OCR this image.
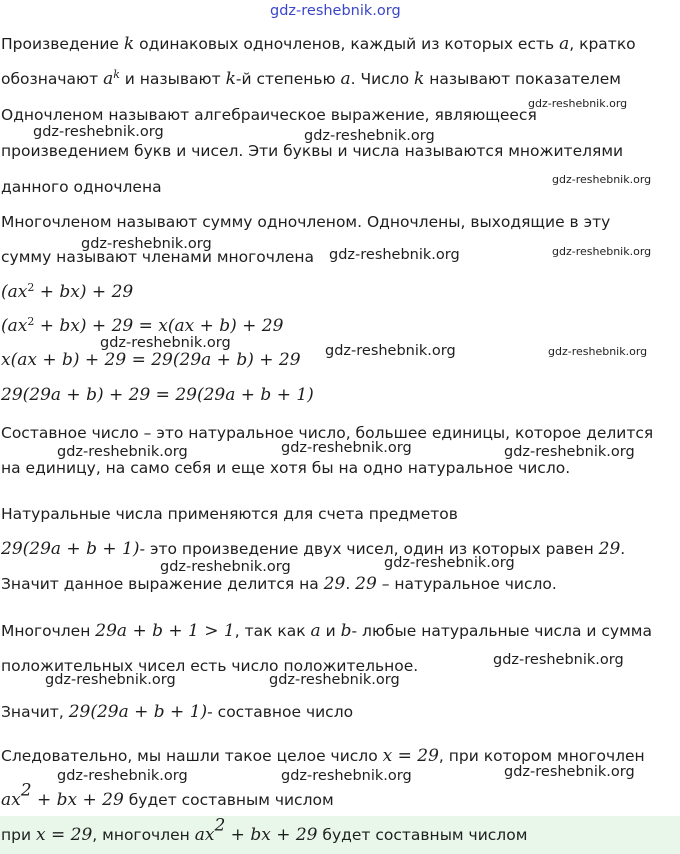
gdz-reshebnik.org
Произведение k одинаковых одночленов, каждый из которых есть a, кратко
обозначают $a^k$ и называют k-й степенью a. Число k называют показателем
Одночленом называют алгебраическое выражение, являющееся
произведением букв и чисел. Эти буквы и числа называются множителями
данного одночлена
Многочленом называют сумму одночленом. Одночлены, выходящие в эту
сумму называют членами многочлена
$(ax^2 + bx) + 29$
$(ax^2 + bx) + 29 = x(ax + b) + 29$
x(ax + b) + 29 = 29(29a + b) + 29
29(29a + b) + 29 = 29(29a + b + 1)
Составное число – это натуральное число, большее единицы, которое делится
на единицу, на само себя и еще хотя бы на одно натуральное число.
Натуральные числа применяются для счета предметов
29(29a + b + 1)- это произведение двух чисел, один из которых равен 29.
Значит данное выражение делится на 29. 29 – натуральное число.
Многочлен 29a + b + 1 > 1, так как a и b- любые натуральные числа и сумма
положительных чисел есть число положительное.
Значит, 29(29a + b + 1)- составное число
Следовательно, мы нашли такое целое число x = 29, при котором многочлен
$ax^2$ + bx + 29 будет составным числом
при x = 29, многочлен $ax^2$ + bx + 29 будет составным числом
gdz-reshebnik.org
gdz-reshebnik.org	gdz-reshebnik.org
gdz-reshebnik.org
gdz-reshebnik.org	gdz-reshebnik.org
gdz-reshebnik.org
gdz-reshebnik.org
gdz-reshebnik.org
gdz-reshebnik.org
gdz-reshebnik.org
gdz-reshebnik.org	gdz-reshebnik.org
gdz-reshebnik.org
gdz-reshebnik.org
gdz-reshebnik.org
gdz-reshebnik.org	gdz-reshebnik.org
gdz-reshebnik.org
gdz-reshebnik.org	gdz-reshebnik.org
